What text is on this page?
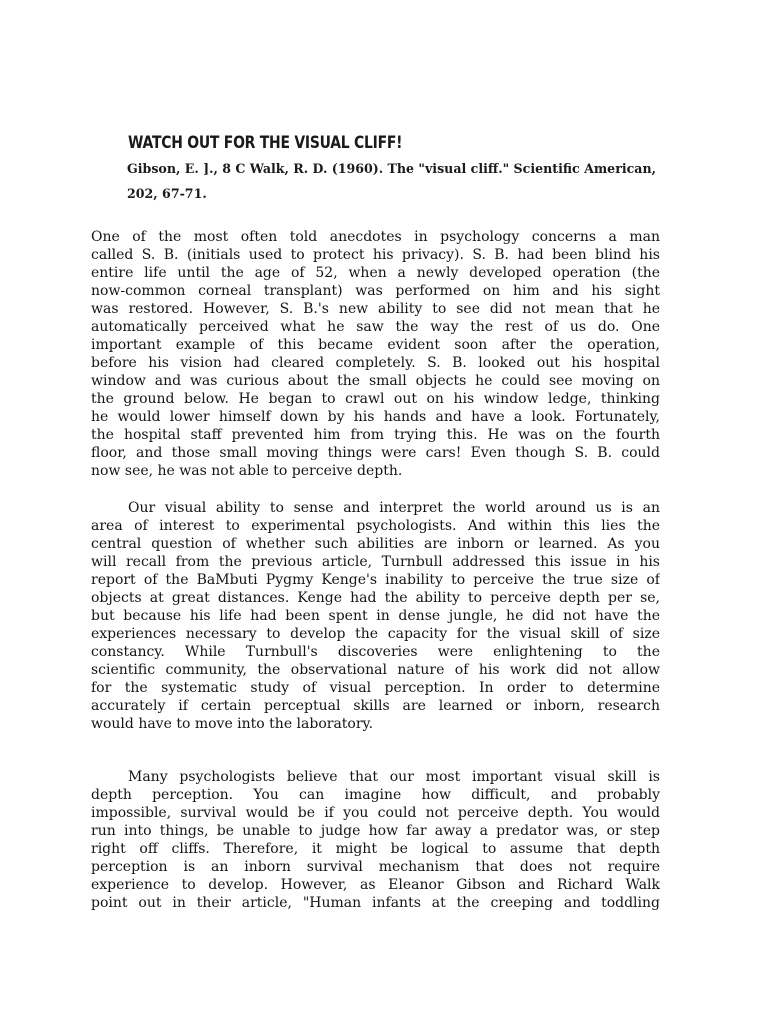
WATCH OUT FOR THE VISUAL CLIFF!
Gibson, E. ]., 8 C Walk, R. D. (1960). The "visual cliff." Scientific American,
202, 67-71.
One of the most often told anecdotes in psychology concerns a man
called S. B. (initials used to protect his privacy). S. B. had been blind his
entire life until the age of 52, when a newly developed operation (the
now-common corneal transplant) was performed on him and his sight
was restored. However, S. B.'s new ability to see did not mean that he
automatically perceived what he saw the way the rest of us do. One
important example of this became evident soon after the operation,
before his vision had cleared completely. S. B. looked out his hospital
window and was curious about the small objects he could see moving on
the ground below. He began to crawl out on his window ledge, thinking
he would lower himself down by his hands and have a look. Fortunately,
the hospital staff prevented him from trying this. He was on the fourth
floor, and those small moving things were cars! Even though S. B. could
now see, he was not able to perceive depth.
Our visual ability to sense and interpret the world around us is an
area of interest to experimental psychologists. And within this lies the
central question of whether such abilities are inborn or learned. As you
will recall from the previous article, Turnbull addressed this issue in his
report of the BaMbuti Pygmy Kenge's inability to perceive the true size of
objects at great distances. Kenge had the ability to perceive depth per se,
but because his life had been spent in dense jungle, he did not have the
experiences necessary to develop the capacity for the visual skill of size
constancy. While Turnbull's discoveries were enlightening to the
scientific community, the observational nature of his work did not allow
for the systematic study of visual perception. In order to determine
accurately if certain perceptual skills are learned or inborn, research
would have to move into the laboratory.
Many psychologists believe that our most important visual skill is
depth perception. You can imagine how difficult, and probably
impossible, survival would be if you could not perceive depth. You would
run into things, be unable to judge how far away a predator was, or step
right off cliffs. Therefore, it might be logical to assume that depth
perception is an inborn survival mechanism that does not require
experience to develop. However, as Eleanor Gibson and Richard Walk
point out in their article, "Human infants at the creeping and toddling
